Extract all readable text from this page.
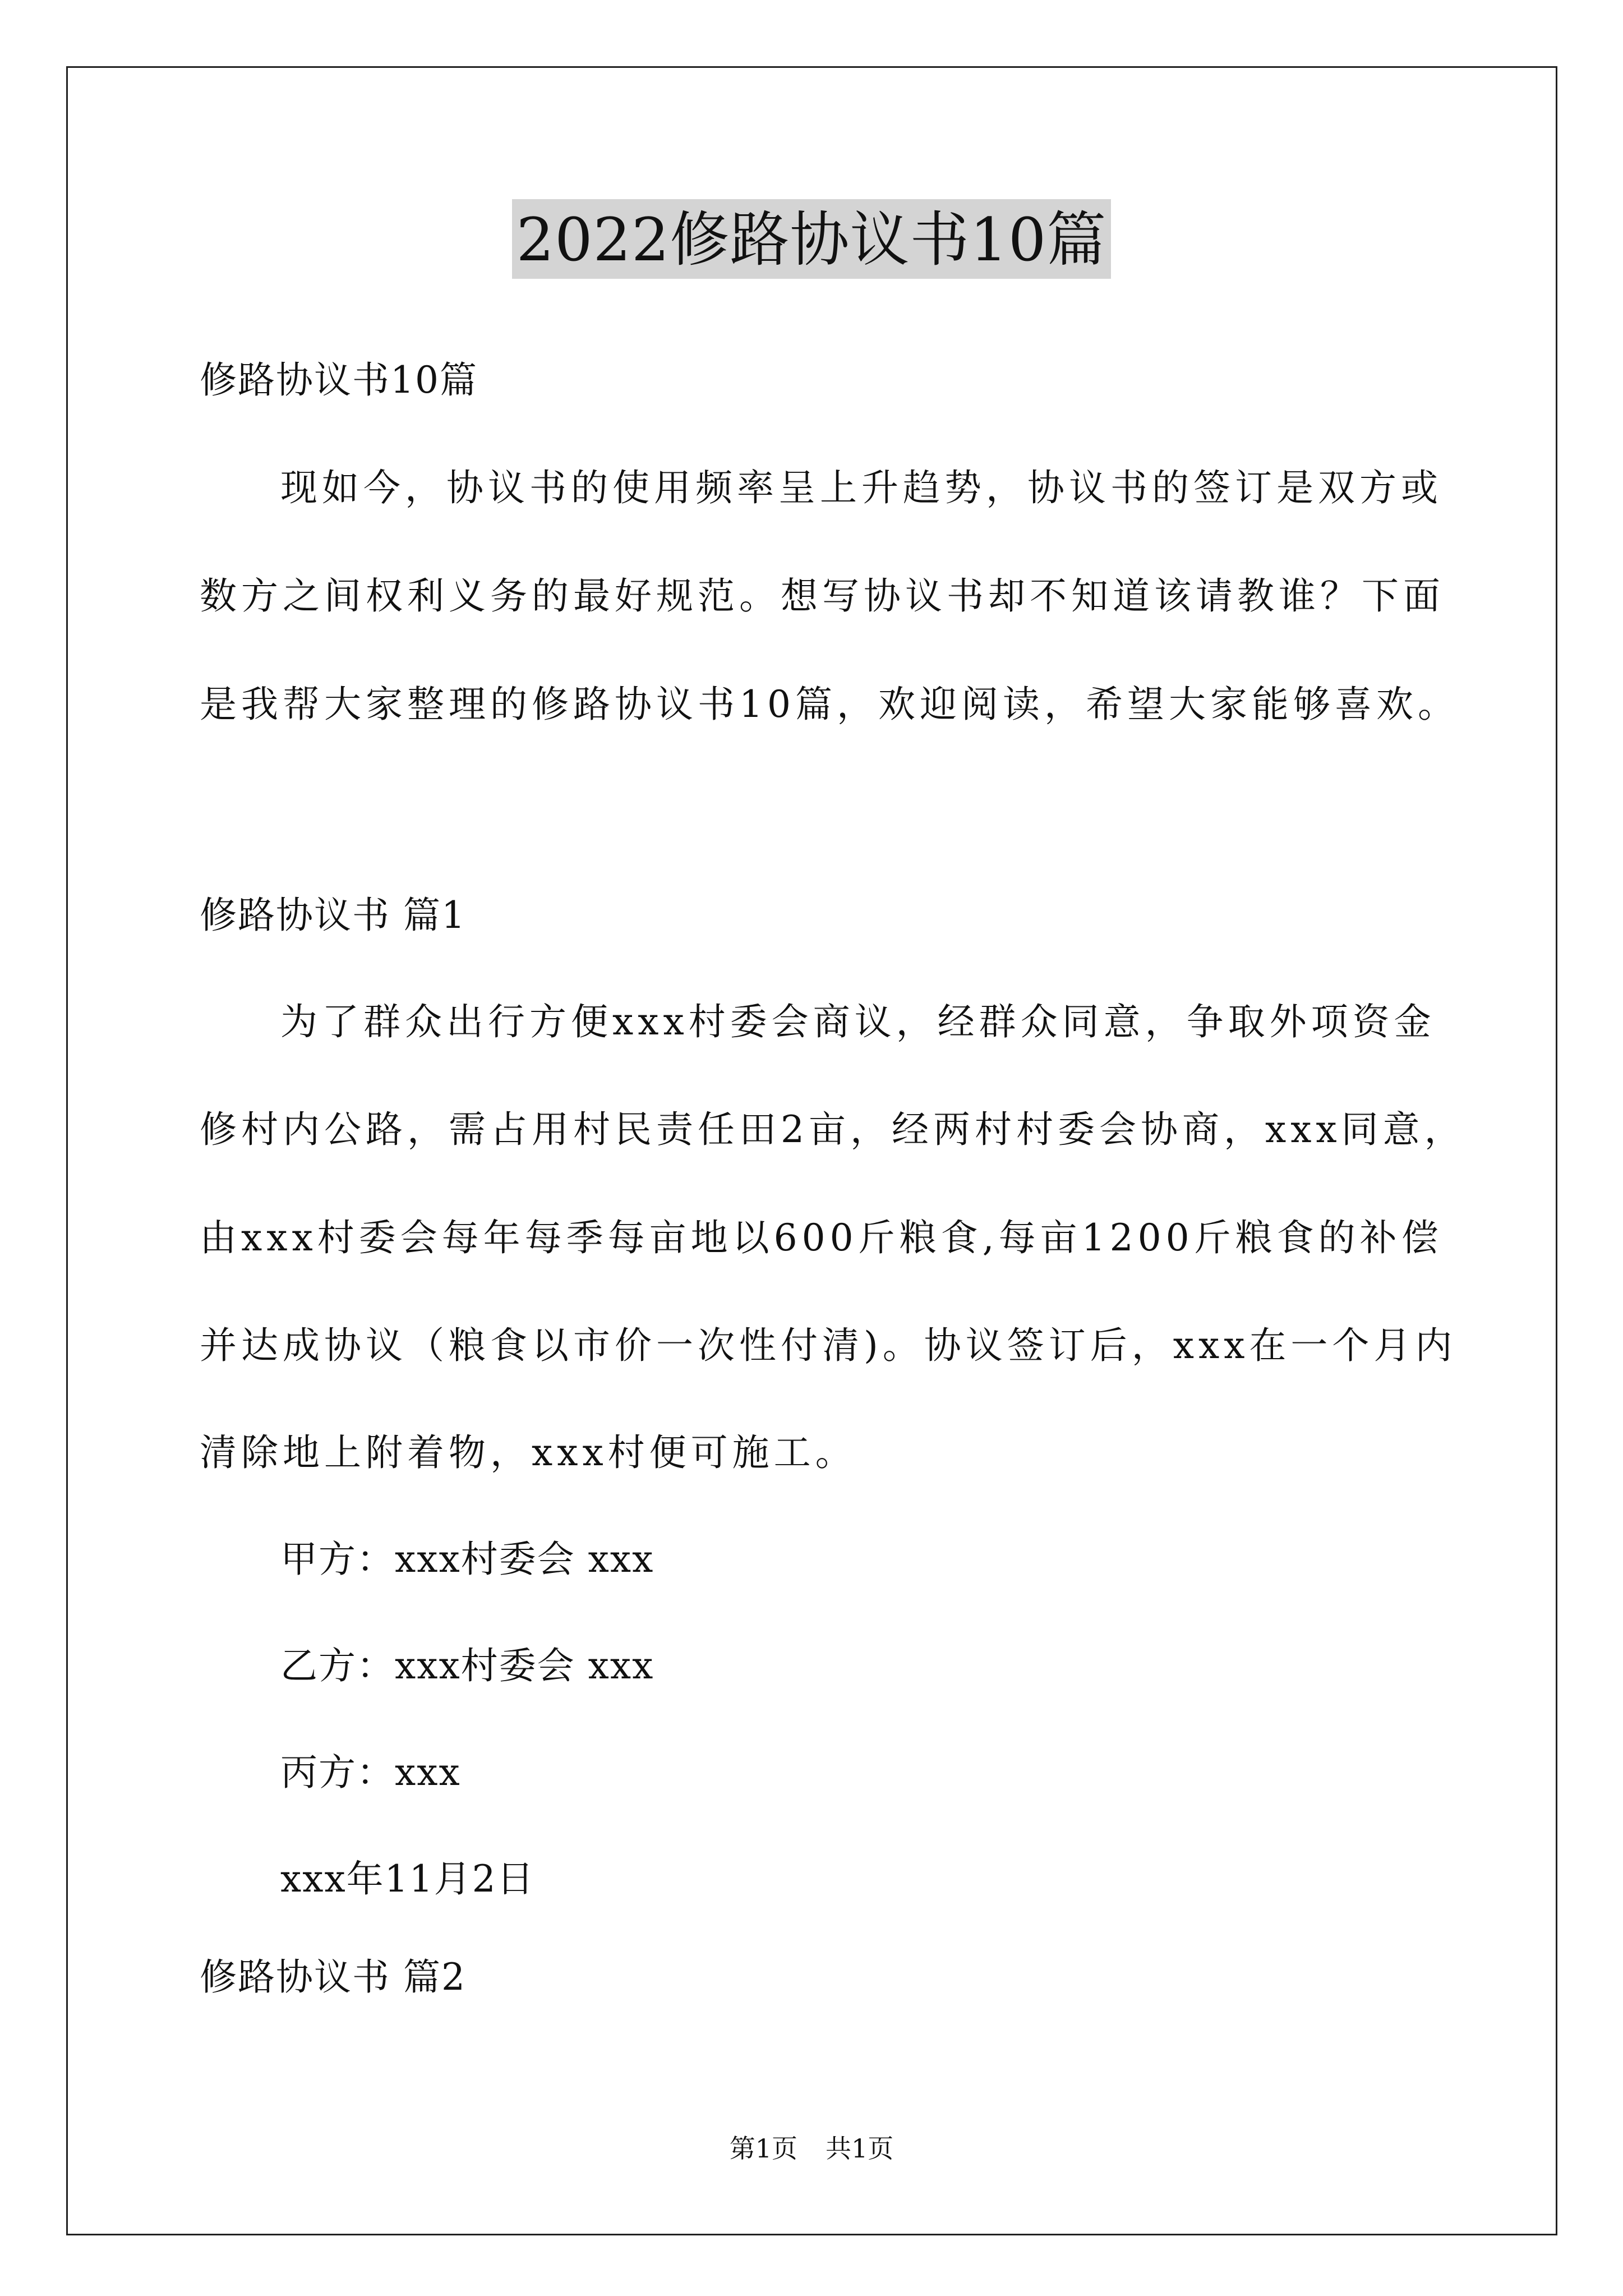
2022修路协议书10篇
修路协议书10篇
现如今，协议书的使用频率呈上升趋势，协议书的签订是双方或
数方之间权利义务的最好规范。想写协议书却不知道该请教谁？下面
是我帮大家整理的修路协议书10篇，欢迎阅读，希望大家能够喜欢。
修路协议书 篇1
为了群众出行方便xxx村委会商议，经群众同意，争取外项资金
修村内公路，需占用村民责任田2亩，经两村村委会协商，xxx同意，
由xxx村委会每年每季每亩地以600斤粮食,每亩1200斤粮食的补偿
并达成协议（粮食以市价一次性付清)。协议签订后，xxx在一个月内
清除地上附着物，xxx村便可施工。
甲方：xxx村委会 xxx
乙方：xxx村委会 xxx
丙方：xxx
xxx年11月2日
修路协议书 篇2
第1页 共1页
